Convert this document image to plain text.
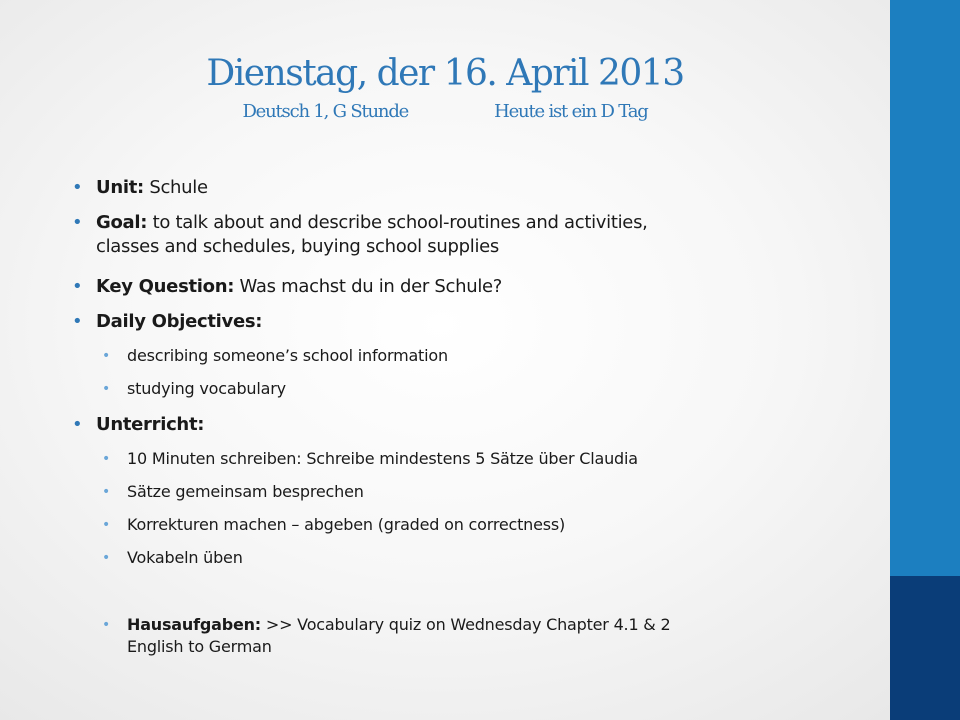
Dienstag, der 16. April 2013
Deutsch 1, G Stunde	Heute ist ein D Tag
• Unit: Schule
• Goal: to talk about and describe school-routines and activities,
classes and schedules, buying school supplies
• Key Question: Was machst du in der Schule?
• Daily Objectives:
• describing someone’s school information
• studying vocabulary
• Unterricht:
• 10 Minuten schreiben: Schreibe mindestens 5 Sätze über Claudia
• Sätze gemeinsam besprechen
• Korrekturen machen – abgeben (graded on correctness)
• Vokabeln üben
• Hausaufgaben: >> Vocabulary quiz on Wednesday Chapter 4.1 & 2
English to German
